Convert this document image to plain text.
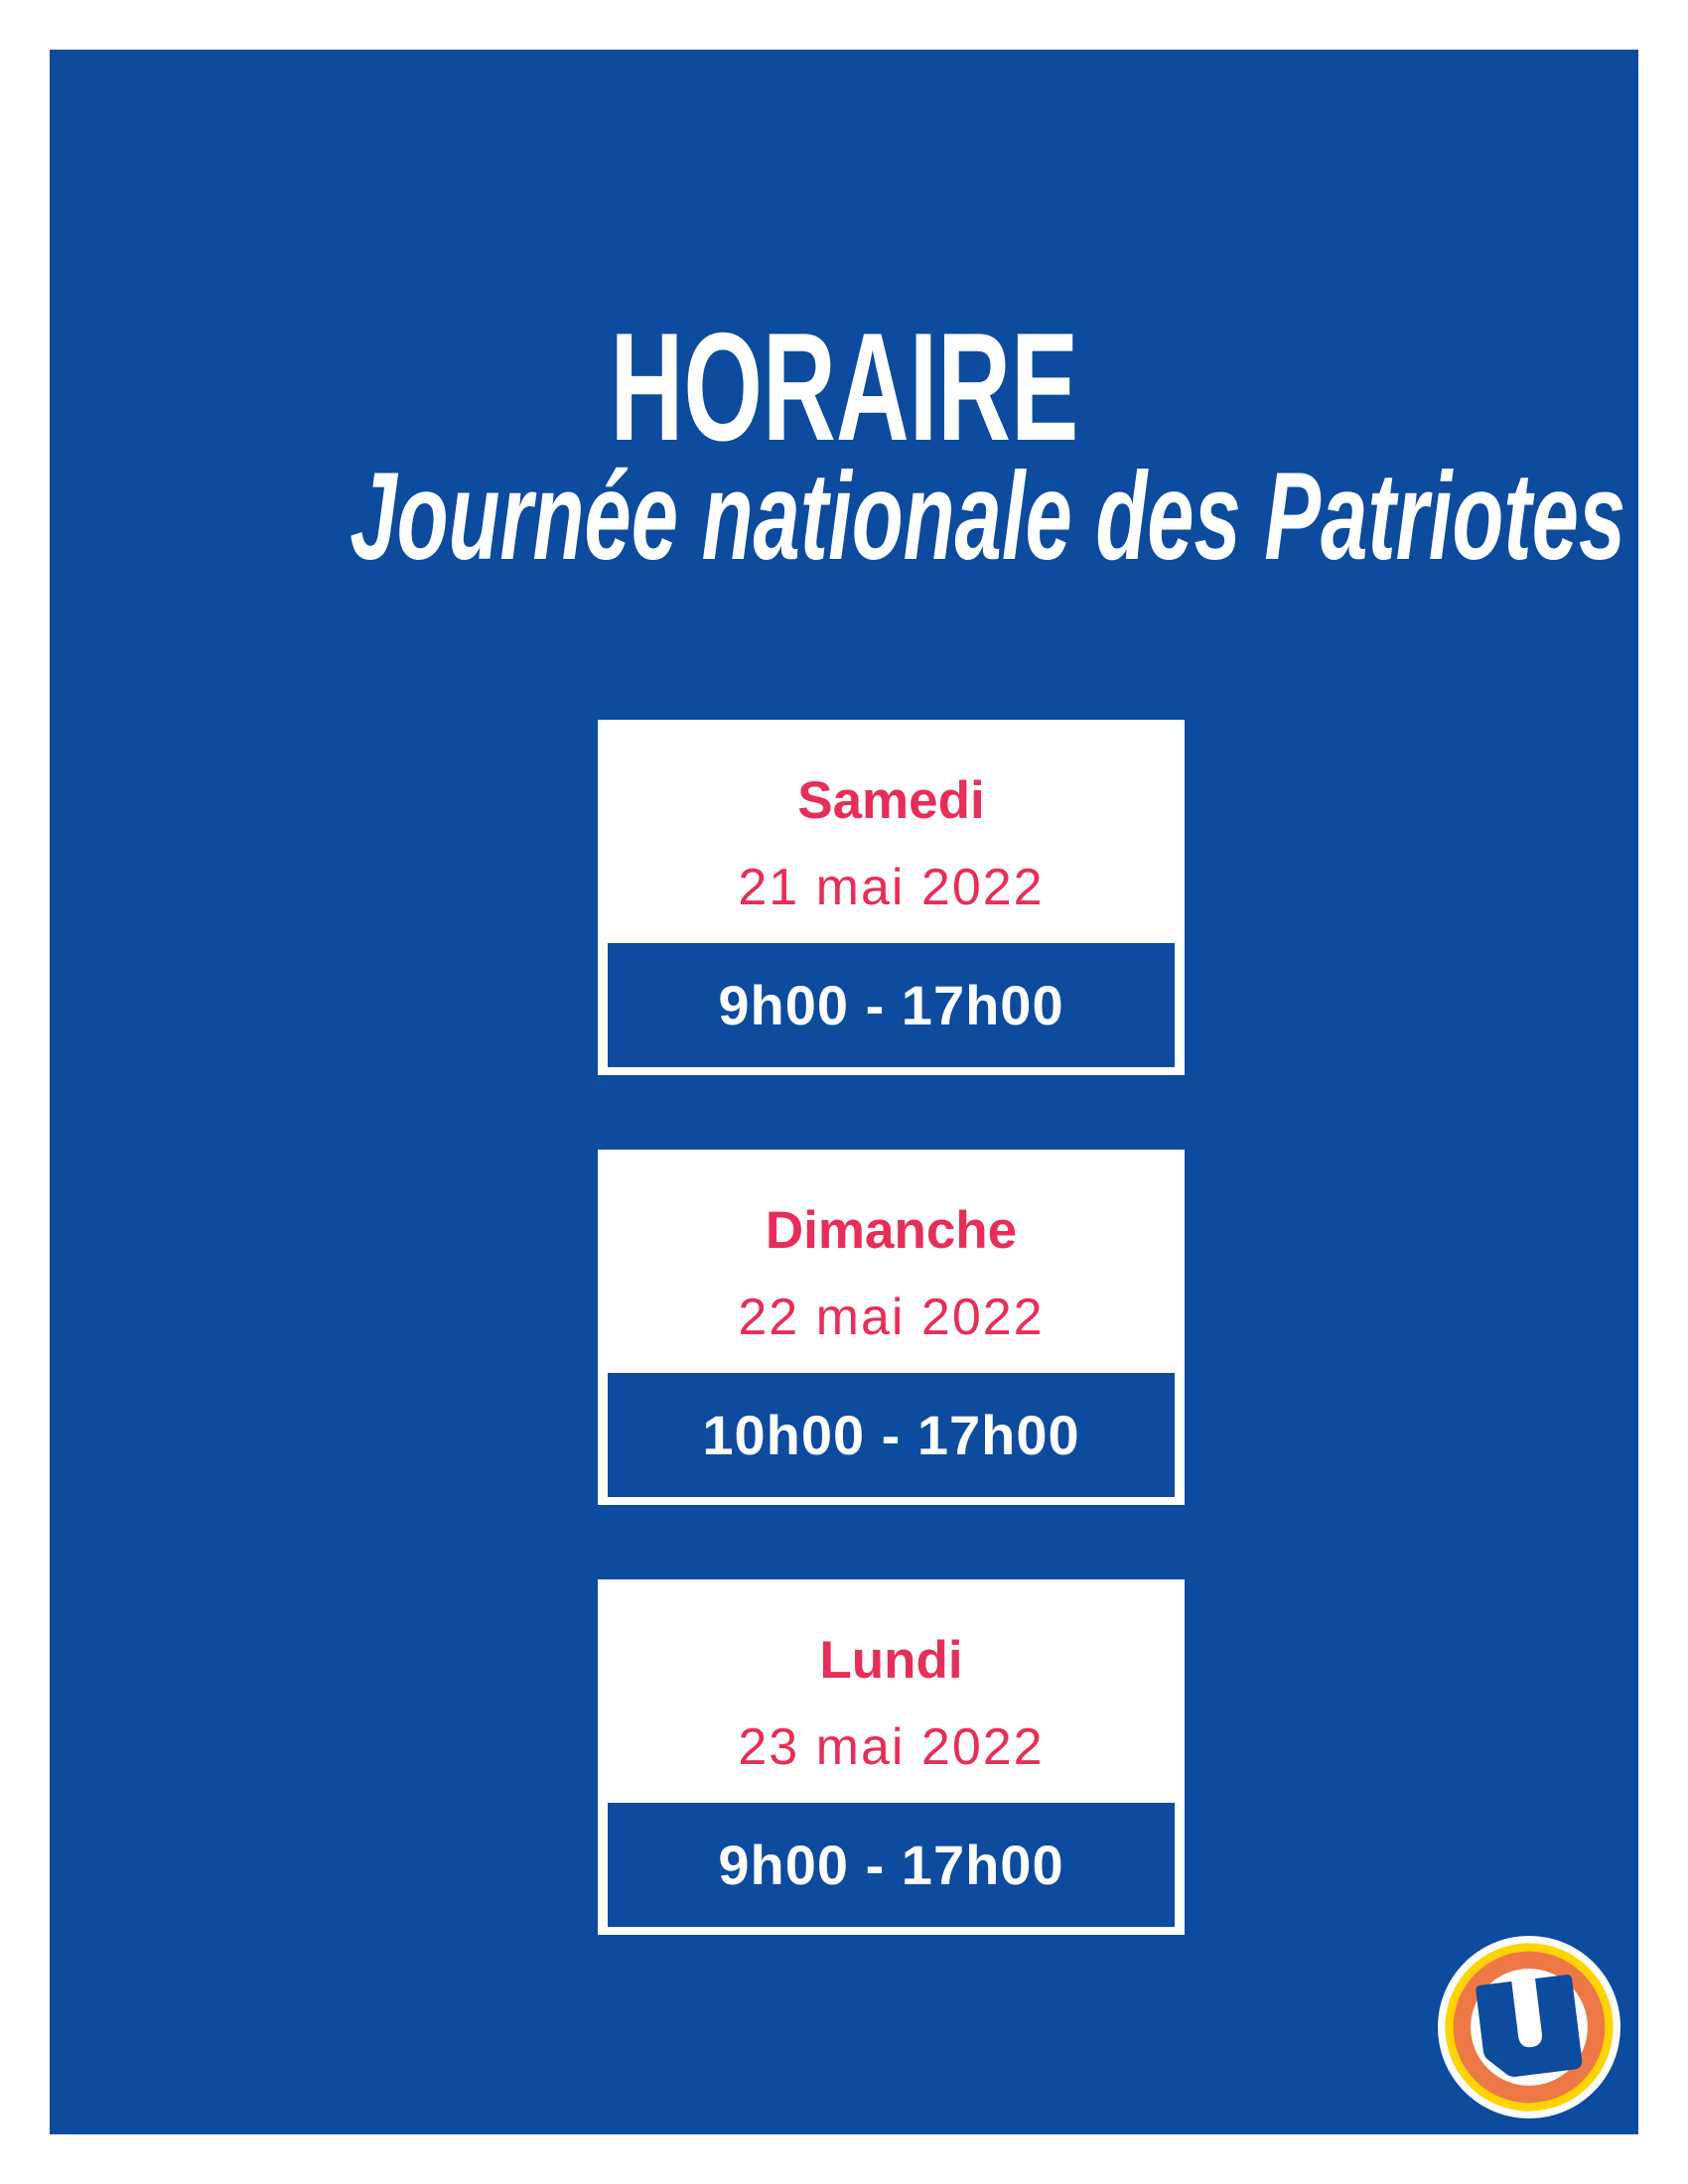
HORAIRE
Journée nationale des Patriotes
Samedi
21 mai 2022
9h00 - 17h00
Dimanche
22 mai 2022
10h00 - 17h00
Lundi
23 mai 2022
9h00 - 17h00
